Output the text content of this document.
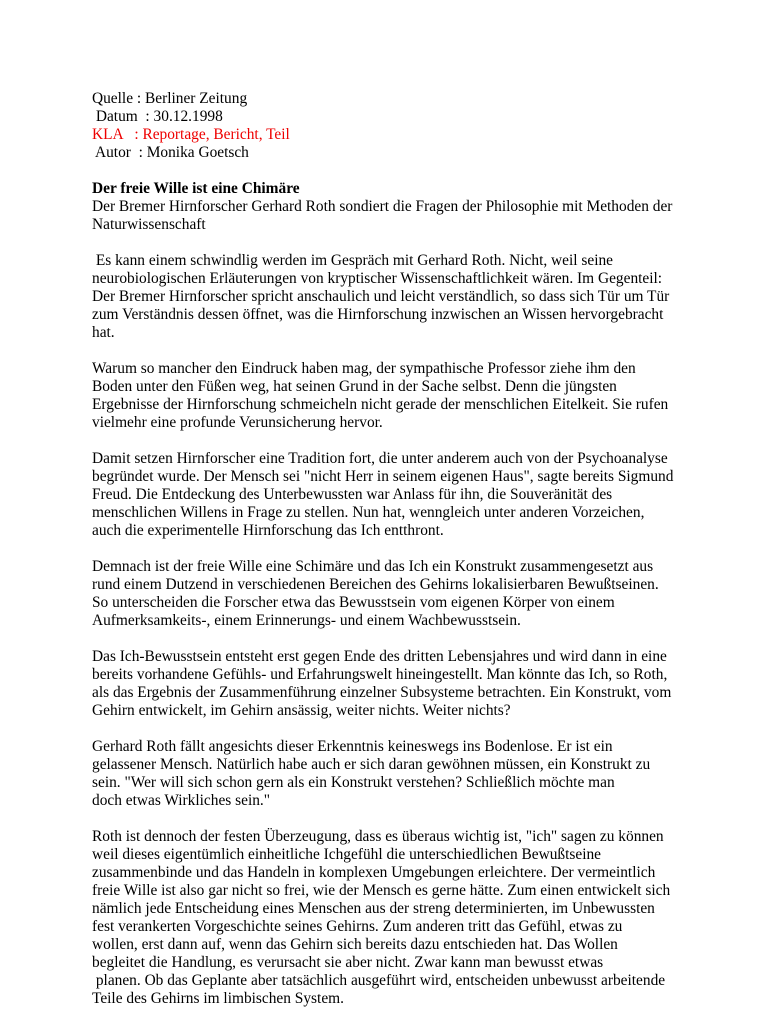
Quelle : Berliner Zeitung
Datum  : 30.12.1998
KLA   : Reportage, Bericht, Teil
Autor  : Monika Goetsch
Der freie Wille ist eine Chimäre
Der Bremer Hirnforscher Gerhard Roth sondiert die Fragen der Philosophie mit Methoden der
Naturwissenschaft

Es kann einem schwindlig werden im Gespräch mit Gerhard Roth. Nicht, weil seine
neurobiologischen Erläuterungen von kryptischer Wissenschaftlichkeit wären. Im Gegenteil:
Der Bremer Hirnforscher spricht anschaulich und leicht verständlich, so dass sich Tür um Tür
zum Verständnis dessen öffnet, was die Hirnforschung inzwischen an Wissen hervorgebracht
hat.

Warum so mancher den Eindruck haben mag, der sympathische Professor ziehe ihm den
Boden unter den Füßen weg, hat seinen Grund in der Sache selbst. Denn die jüngsten
Ergebnisse der Hirnforschung schmeicheln nicht gerade der menschlichen Eitelkeit. Sie rufen
vielmehr eine profunde Verunsicherung hervor.

Damit setzen Hirnforscher eine Tradition fort, die unter anderem auch von der Psychoanalyse
begründet wurde. Der Mensch sei "nicht Herr in seinem eigenen Haus", sagte bereits Sigmund
Freud. Die Entdeckung des Unterbewussten war Anlass für ihn, die Souveränität des
menschlichen Willens in Frage zu stellen. Nun hat, wenngleich unter anderen Vorzeichen,
auch die experimentelle Hirnforschung das Ich entthront.

Demnach ist der freie Wille eine Schimäre und das Ich ein Konstrukt zusammengesetzt aus
rund einem Dutzend in verschiedenen Bereichen des Gehirns lokalisierbaren Bewußtseinen.
So unterscheiden die Forscher etwa das Bewusstsein vom eigenen Körper von einem
Aufmerksamkeits-, einem Erinnerungs- und einem Wachbewusstsein.

Das Ich-Bewusstsein entsteht erst gegen Ende des dritten Lebensjahres und wird dann in eine
bereits vorhandene Gefühls- und Erfahrungswelt hineingestellt. Man könnte das Ich, so Roth,
als das Ergebnis der Zusammenführung einzelner Subsysteme betrachten. Ein Konstrukt, vom
Gehirn entwickelt, im Gehirn ansässig, weiter nichts. Weiter nichts?

Gerhard Roth fällt angesichts dieser Erkenntnis keineswegs ins Bodenlose. Er ist ein
gelassener Mensch. Natürlich habe auch er sich daran gewöhnen müssen, ein Konstrukt zu
sein. "Wer will sich schon gern als ein Konstrukt verstehen? Schließlich möchte man
doch etwas Wirkliches sein."

Roth ist dennoch der festen Überzeugung, dass es überaus wichtig ist, "ich" sagen zu können
weil dieses eigentümlich einheitliche Ichgefühl die unterschiedlichen Bewußtseine
zusammenbinde und das Handeln in komplexen Umgebungen erleichtere. Der vermeintlich
freie Wille ist also gar nicht so frei, wie der Mensch es gerne hätte. Zum einen entwickelt sich
nämlich jede Entscheidung eines Menschen aus der streng determinierten, im Unbewussten
fest verankerten Vorgeschichte seines Gehirns. Zum anderen tritt das Gefühl, etwas zu
wollen, erst dann auf, wenn das Gehirn sich bereits dazu entschieden hat. Das Wollen
begleitet die Handlung, es verursacht sie aber nicht. Zwar kann man bewusst etwas
planen. Ob das Geplante aber tatsächlich ausgeführt wird, entscheiden unbewusst arbeitende
Teile des Gehirns im limbischen System.
